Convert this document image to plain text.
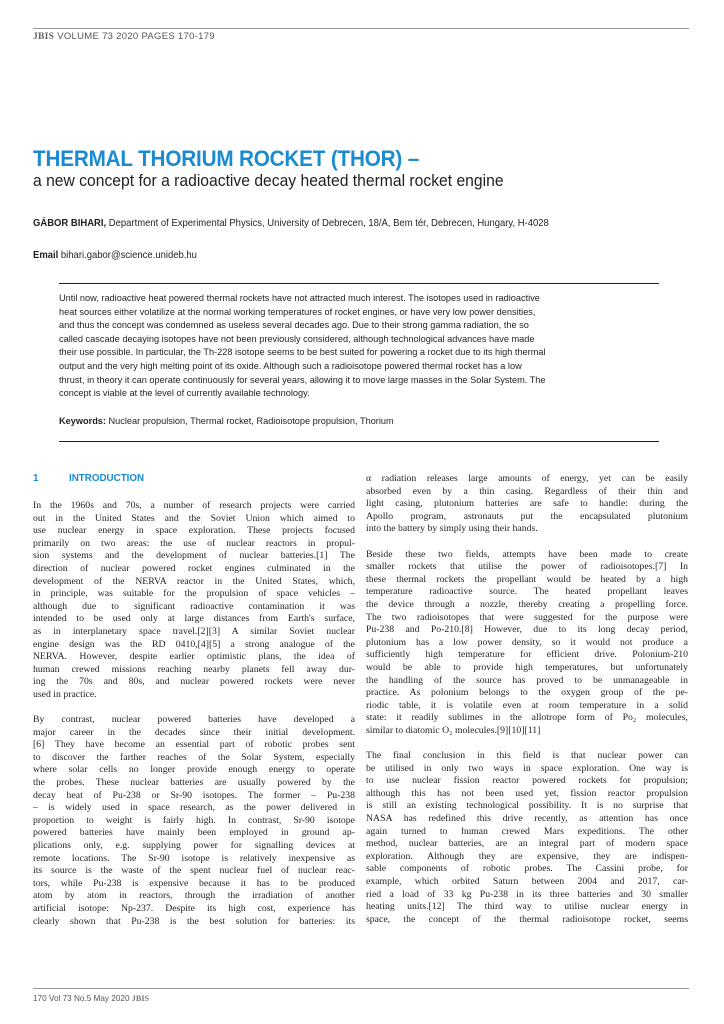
JBIS VOLUME 73 2020 PAGES 170-179
THERMAL THORIUM ROCKET (THOR) –
a new concept for a radioactive decay heated thermal rocket engine
GÁBOR BIHARI, Department of Experimental Physics, University of Debrecen, 18/A, Bem tér, Debrecen, Hungary, H-4028
Email bihari.gabor@science.unideb.hu
Until now, radioactive heat powered thermal rockets have not attracted much interest. The isotopes used in radioactive
heat sources either volatilize at the normal working temperatures of rocket engines, or have very low power densities,
and thus the concept was condemned as useless several decades ago. Due to their strong gamma radiation, the so
called cascade decaying isotopes have not been previously considered, although technological advances have made
their use possible. In particular, the Th-228 isotope seems to be best suited for powering a rocket due to its high thermal
output and the very high melting point of its oxide. Although such a radioisotope powered thermal rocket has a low
thrust, in theory it can operate continuously for several years, allowing it to move large masses in the Solar System. The
concept is viable at the level of currently available technology.
Keywords: Nuclear propulsion, Thermal rocket, Radioisotope propulsion, Thorium
1	INTRODUCTION
In the 1960s and 70s, a number of research projects were carried
out in the United States and the Soviet Union which aimed to
use nuclear energy in space exploration. These projects focused
primarily on two areas: the use of nuclear reactors in propul-
sion systems and the development of nuclear batteries.[1] The
direction of nuclear powered rocket engines culminated in the
development of the NERVA reactor in the United States, which,
in principle, was suitable for the propulsion of space vehicles –
although due to significant radioactive contamination it was
intended to be used only at large distances from Earth's surface,
as in interplanetary space travel.[2][3] A similar Soviet nuclear
engine design was the RD 0410,[4][5] a strong analogue of the
NERVA. However, despite earlier optimistic plans, the idea of
human crewed missions reaching nearby planets fell away dur-
ing the 70s and 80s, and nuclear powered rockets were never
used in practice.
By contrast, nuclear powered batteries have developed a
major career in the decades since their initial development.
[6] They have become an essential part of robotic probes sent
to discover the farther reaches of the Solar System, especially
where solar cells no longer provide enough energy to operate
the probes. These nuclear batteries are usually powered by the
decay heat of Pu-238 or Sr-90 isotopes. The former – Pu-238
– is widely used in space research, as the power delivered in
proportion to weight is fairly high. In contrast, Sr-90 isotope
powered batteries have mainly been employed in ground ap-
plications only, e.g. supplying power for signalling devices at
remote locations. The Sr-90 isotope is relatively inexpensive as
its source is the waste of the spent nuclear fuel of nuclear reac-
tors, while Pu-238 is expensive because it has to be produced
atom by atom in reactors, through the irradiation of another
artificial isotope: Np-237. Despite its high cost, experience has
clearly shown that Pu-238 is the best solution for batteries: its
α radiation releases large amounts of energy, yet can be easily
absorbed even by a thin casing. Regardless of their thin and
light casing, plutonium batteries are safe to handle: during the
Apollo program, astronauts put the encapsulated plutonium
into the battery by simply using their hands.
Beside these two fields, attempts have been made to create
smaller rockets that utilise the power of radioisotopes.[7] In
these thermal rockets the propellant would be heated by a high
temperature radioactive source. The heated propellant leaves
the device through a nozzle, thereby creating a propelling force.
The two radioisotopes that were suggested for the purpose were
Pu-238 and Po-210.[8] However, due to its long decay period,
plutonium has a low power density, so it would not produce a
sufficiently high temperature for efficient drive. Polonium-210
would be able to provide high temperatures, but unfortunately
the handling of the source has proved to be unmanageable in
practice. As polonium belongs to the oxygen group of the pe-
riodic table, it is volatile even at room temperature in a solid
state: it readily sublimes in the allotrope form of Po₂ molecules,
similar to diatomic O₂ molecules.[9][10][11]
The final conclusion in this field is that nuclear power can
be utilised in only two ways in space exploration. One way is
to use nuclear fission reactor powered rockets for propulsion;
although this has not been used yet, fission reactor propulsion
is still an existing technological possibility. It is no surprise that
NASA has redefined this drive recently, as attention has once
again turned to human crewed Mars expeditions. The other
method, nuclear batteries, are an integral part of modern space
exploration. Although they are expensive, they are indispen-
sable components of robotic probes. The Cassini probe, for
example, which orbited Saturn between 2004 and 2017, car-
ried a load of 33 kg Pu-238 in its three batteries and 30 smaller
heating units.[12] The third way to utilise nuclear energy in
space, the concept of the thermal radioisotope rocket, seems
170 Vol 73 No.5 May 2020 JBIS
